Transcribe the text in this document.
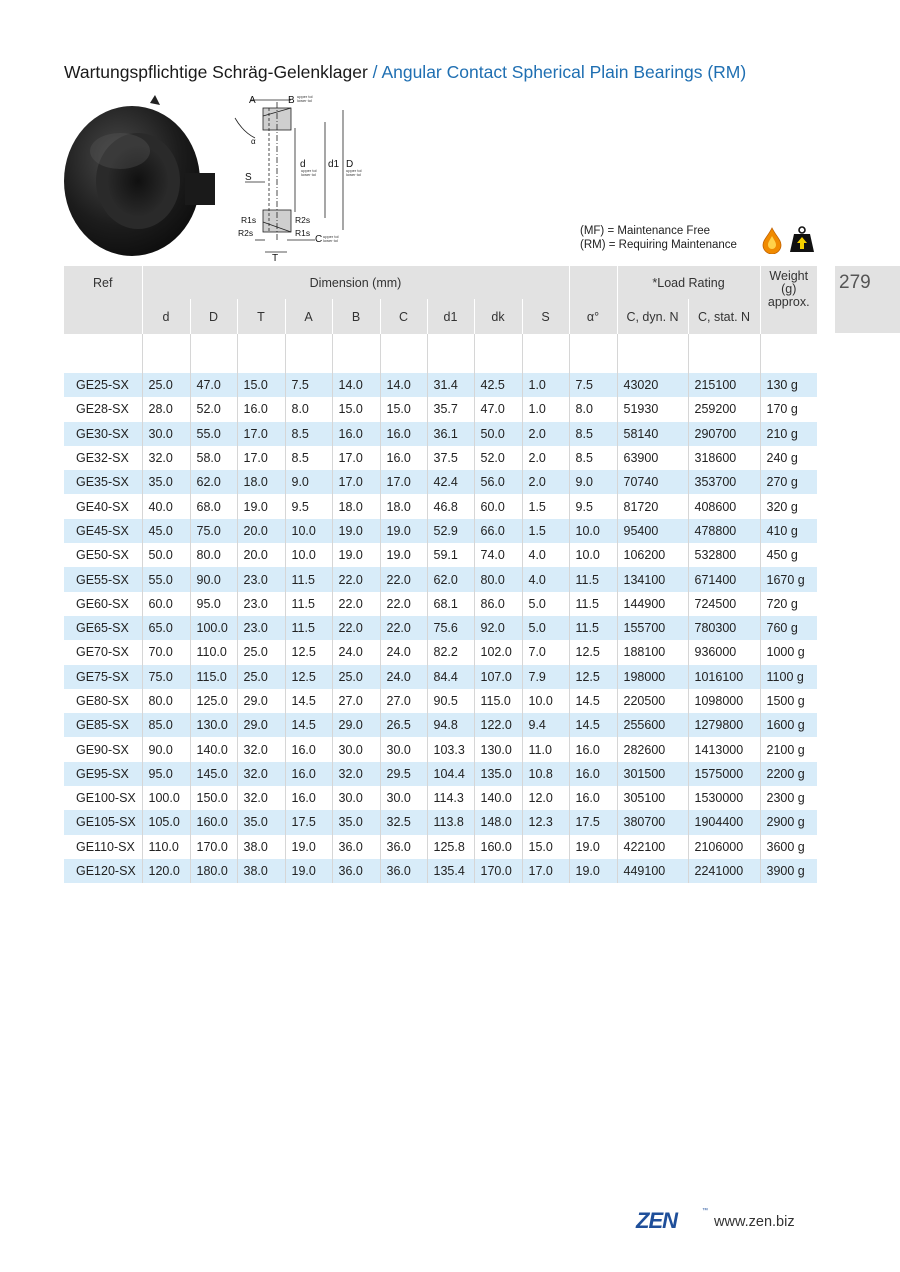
Wartungspflichtige Schräg-Gelenklager / Angular Contact Spherical Plain Bearings (RM)
A	B
d d1 D
S
R1s	R2s
R2s	R1s
C
T
α
upper tol
lower tol
upper tol
lower tol
upper tol
lower tol
upper tol
lower tol
(MF) = Maintenance Free
(RM) = Requiring Maintenance
279
Ref	Dimension (mm)										*Load Rating		Weight (g) approx.
	d	D	T	A	B	C	d1	dk	S	α°	C, dyn. N	C, stat. N	

GE25-SX	25.0	47.0	15.0	7.5	14.0	14.0	31.4	42.5	1.0	7.5	43020	215100	130 g
GE28-SX	28.0	52.0	16.0	8.0	15.0	15.0	35.7	47.0	1.0	8.0	51930	259200	170 g
GE30-SX	30.0	55.0	17.0	8.5	16.0	16.0	36.1	50.0	2.0	8.5	58140	290700	210 g
GE32-SX	32.0	58.0	17.0	8.5	17.0	16.0	37.5	52.0	2.0	8.5	63900	318600	240 g
GE35-SX	35.0	62.0	18.0	9.0	17.0	17.0	42.4	56.0	2.0	9.0	70740	353700	270 g
GE40-SX	40.0	68.0	19.0	9.5	18.0	18.0	46.8	60.0	1.5	9.5	81720	408600	320 g
GE45-SX	45.0	75.0	20.0	10.0	19.0	19.0	52.9	66.0	1.5	10.0	95400	478800	410 g
GE50-SX	50.0	80.0	20.0	10.0	19.0	19.0	59.1	74.0	4.0	10.0	106200	532800	450 g
GE55-SX	55.0	90.0	23.0	11.5	22.0	22.0	62.0	80.0	4.0	11.5	134100	671400	1670 g
GE60-SX	60.0	95.0	23.0	11.5	22.0	22.0	68.1	86.0	5.0	11.5	144900	724500	720 g
GE65-SX	65.0	100.0	23.0	11.5	22.0	22.0	75.6	92.0	5.0	11.5	155700	780300	760 g
GE70-SX	70.0	110.0	25.0	12.5	24.0	24.0	82.2	102.0	7.0	12.5	188100	936000	1000 g
GE75-SX	75.0	115.0	25.0	12.5	25.0	24.0	84.4	107.0	7.9	12.5	198000	1016100	1100 g
GE80-SX	80.0	125.0	29.0	14.5	27.0	27.0	90.5	115.0	10.0	14.5	220500	1098000	1500 g
GE85-SX	85.0	130.0	29.0	14.5	29.0	26.5	94.8	122.0	9.4	14.5	255600	1279800	1600 g
GE90-SX	90.0	140.0	32.0	16.0	30.0	30.0	103.3	130.0	11.0	16.0	282600	1413000	2100 g
GE95-SX	95.0	145.0	32.0	16.0	32.0	29.5	104.4	135.0	10.8	16.0	301500	1575000	2200 g
GE100-SX	100.0	150.0	32.0	16.0	30.0	30.0	114.3	140.0	12.0	16.0	305100	1530000	2300 g
GE105-SX	105.0	160.0	35.0	17.5	35.0	32.5	113.8	148.0	12.3	17.5	380700	1904400	2900 g
GE110-SX	110.0	170.0	38.0	19.0	36.0	36.0	125.8	160.0	15.0	19.0	422100	2106000	3600 g
GE120-SX	120.0	180.0	38.0	19.0	36.0	36.0	135.4	170.0	17.0	19.0	449100	2241000	3900 g
ZEN	™
www.zen.biz
